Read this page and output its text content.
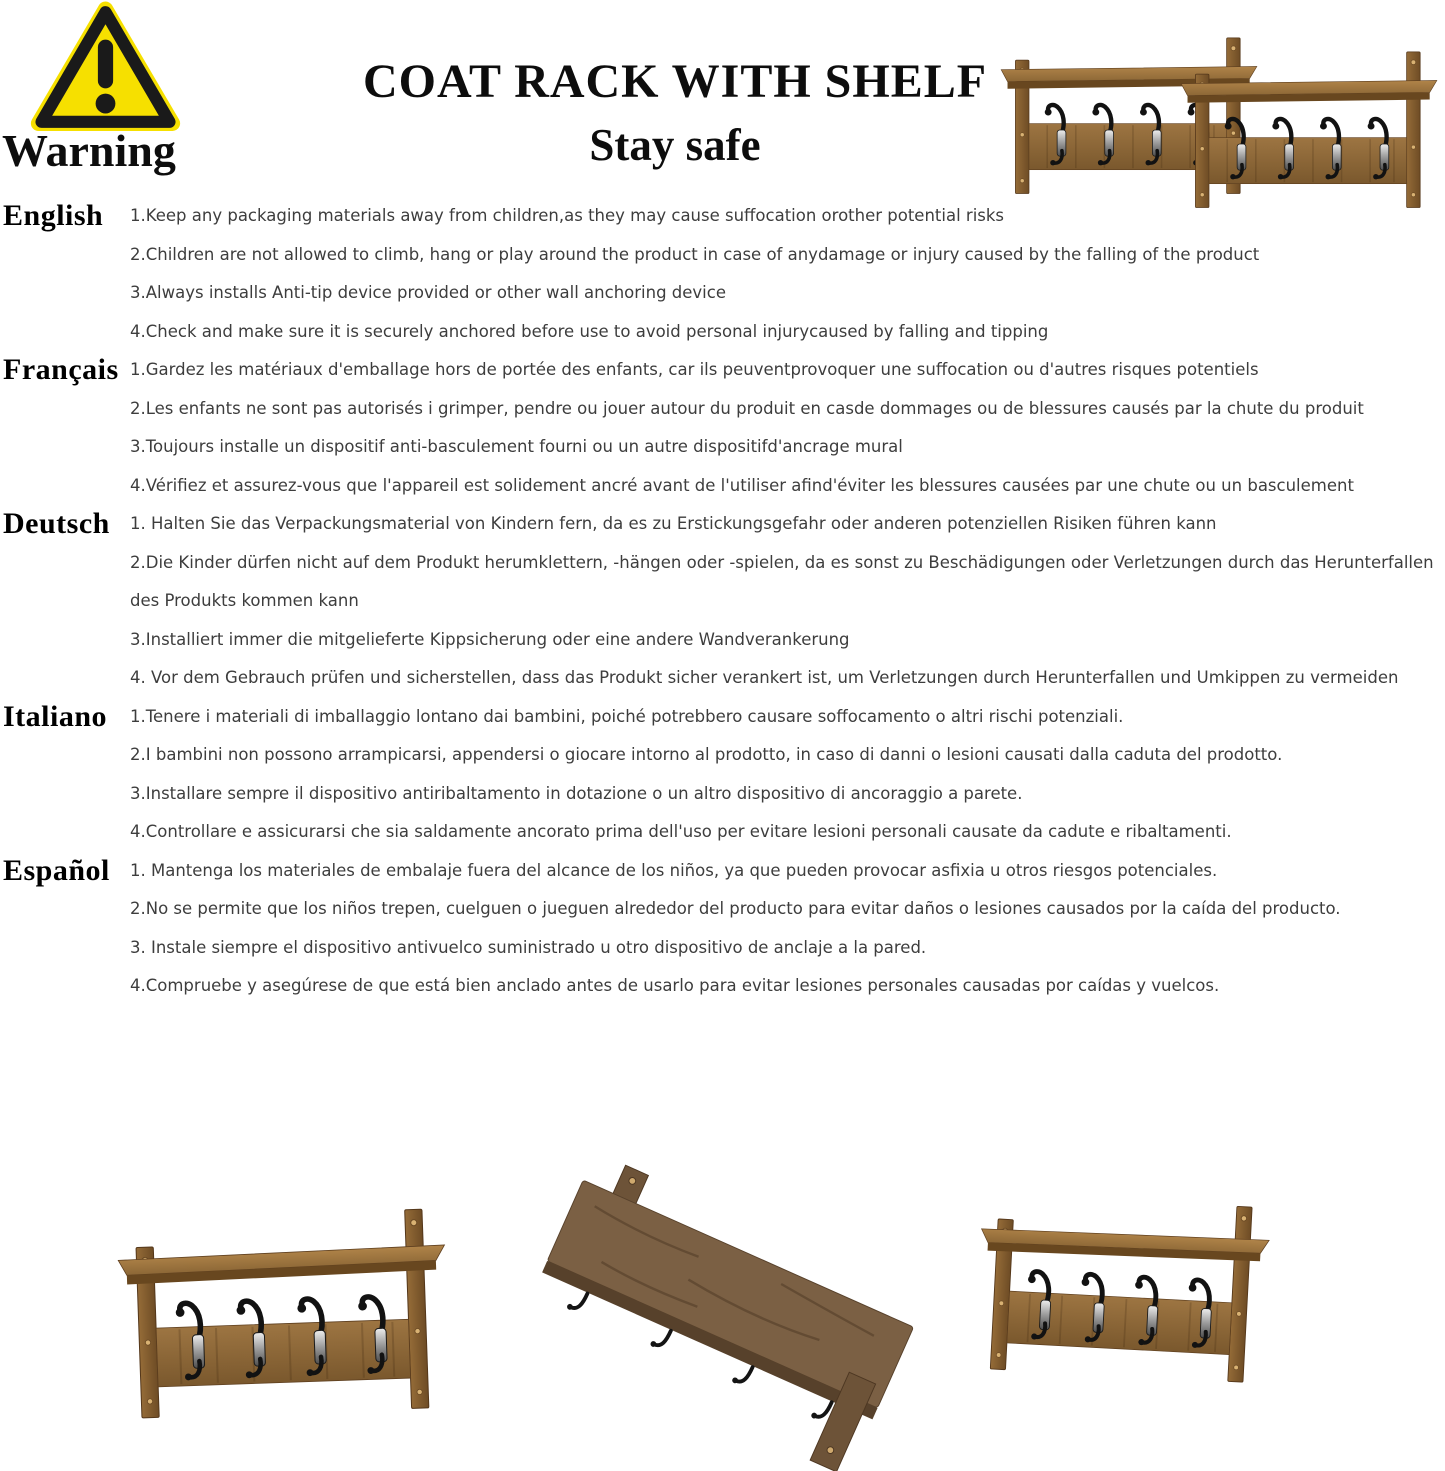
Warning
COAT RACK WITH SHELF
Stay safe
English 1.Keep any packaging materials away from children,as they may cause suffocation orother potential risks

2.Children are not allowed to climb, hang or play around the product in case of anydamage or injury caused by the falling of the product

3.Always installs Anti-tip device provided or other wall anchoring device

4.Check and make sure it is securely anchored before use to avoid personal injurycaused by falling and tipping

Français 1.Gardez les matériaux d'emballage hors de portée des enfants, car ils peuventprovoquer une suffocation ou d'autres risques potentiels

2.Les enfants ne sont pas autorisés i grimper, pendre ou jouer autour du produit en casde dommages ou de blessures causés par la chute du produit

3.Toujours installe un dispositif anti-basculement fourni ou un autre dispositifd'ancrage mural

4.Vérifiez et assurez-vous que l'appareil est solidement ancré avant de l'utiliser afind'éviter les blessures causées par une chute ou un basculement

Deutsch 1. Halten Sie das Verpackungsmaterial von Kindern fern, da es zu Erstickungsgefahr oder anderen potenziellen Risiken führen kann

2.Die Kinder dürfen nicht auf dem Produkt herumklettern, -hängen oder -spielen, da es sonst zu Beschädigungen oder Verletzungen durch das Herunterfallen des Produkts kommen kann

3.Installiert immer die mitgelieferte Kippsicherung oder eine andere Wandverankerung

4. Vor dem Gebrauch prüfen und sicherstellen, dass das Produkt sicher verankert ist, um Verletzungen durch Herunterfallen und Umkippen zu vermeiden

Italiano 1.Tenere i materiali di imballaggio lontano dai bambini, poiché potrebbero causare soffocamento o altri rischi potenziali.

2.I bambini non possono arrampicarsi, appendersi o giocare intorno al prodotto, in caso di danni o lesioni causati dalla caduta del prodotto.

3.Installare sempre il dispositivo antiribaltamento in dotazione o un altro dispositivo di ancoraggio a parete.

4.Controllare e assicurarsi che sia saldamente ancorato prima dell'uso per evitare lesioni personali causate da cadute e ribaltamenti.

Español 1. Mantenga los materiales de embalaje fuera del alcance de los niños, ya que pueden provocar asfixia u otros riesgos potenciales.

2.No se permite que los niños trepen, cuelguen o jueguen alrededor del producto para evitar daños o lesiones causados por la caída del producto.

3. Instale siempre el dispositivo antivuelco suministrado u otro dispositivo de anclaje a la pared.

4.Compruebe y asegúrese de que está bien anclado antes de usarlo para evitar lesiones personales causadas por caídas y vuelcos.
